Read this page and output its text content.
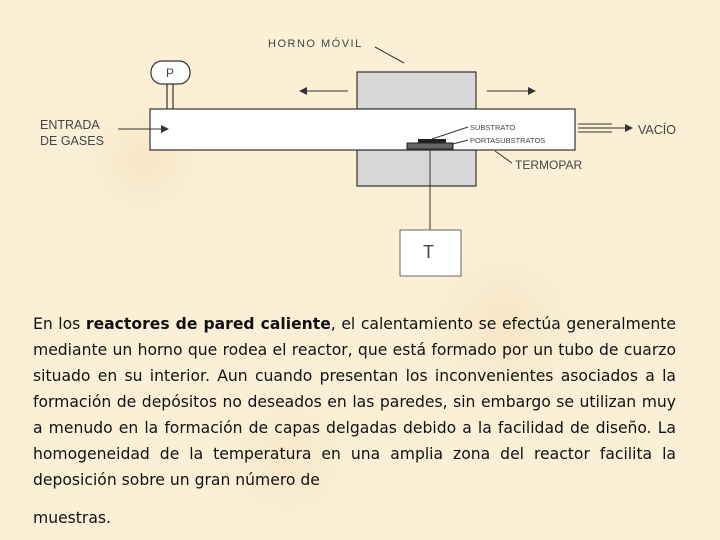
HORNO MÓVIL
P
ENTRADA
DE GASES
VACÍO
SUBSTRATO
PORTASUBSTRATOS
TERMOPAR
T
En los reactores de pared caliente, el calentamiento se efectúa generalmente mediante un horno que rodea el reactor, que está formado por un tubo de cuarzo situado en su interior. Aun cuando presentan los inconvenientes asociados a la formación de depósitos no deseados en las paredes, sin embargo se utilizan muy a menudo en la formación de capas delgadas debido a la facilidad de diseño. La homogeneidad de la temperatura en una amplia zona del reactor facilita la deposición sobre un gran número de
muestras.
